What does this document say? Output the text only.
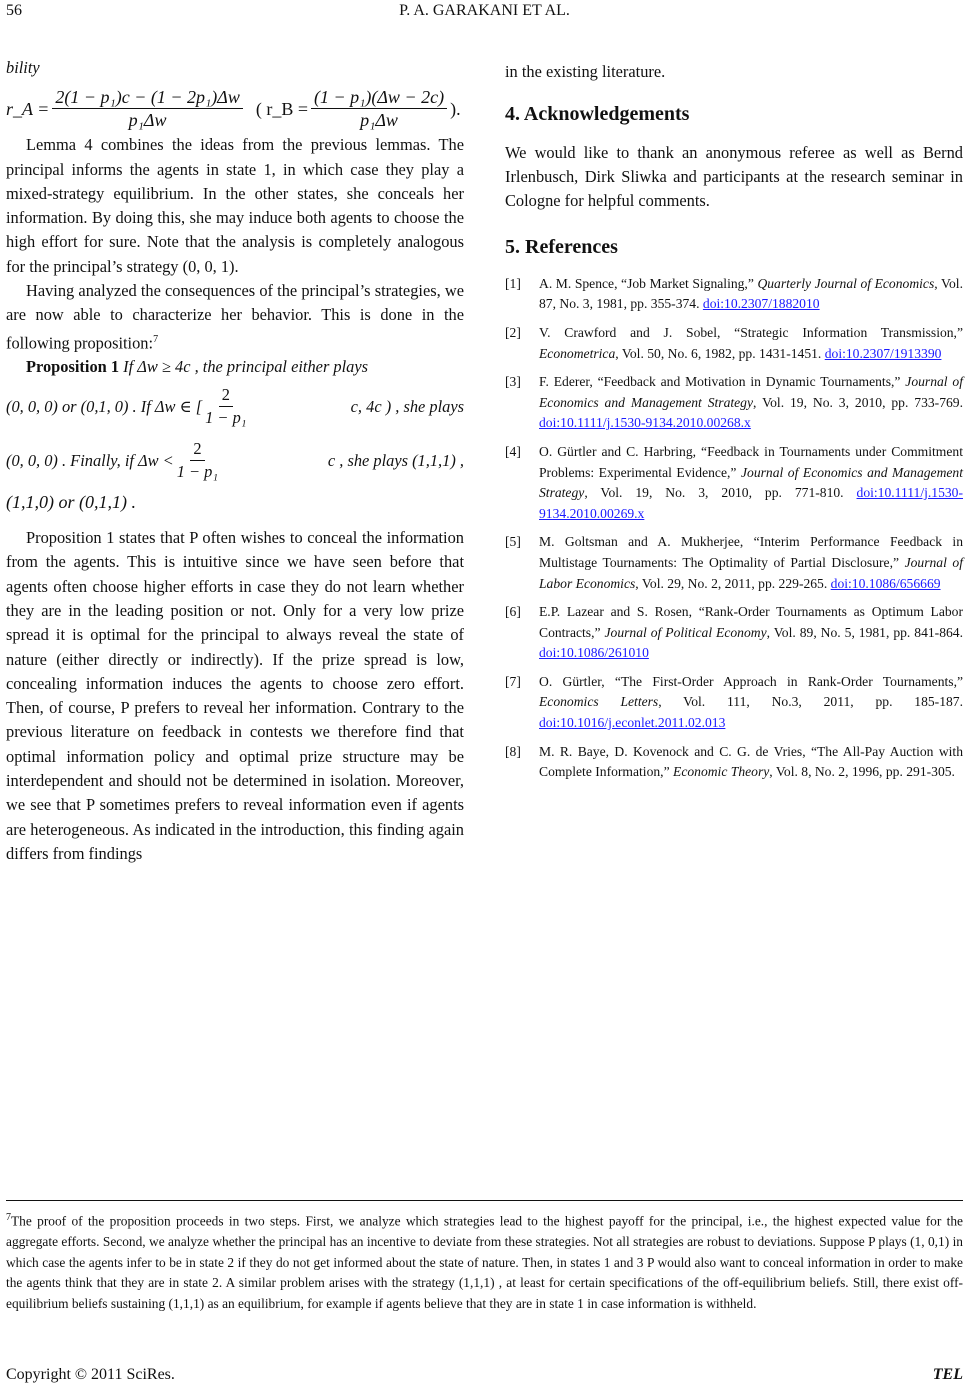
56	P. A. GARAKANI ET AL.

bility

r_A = $\frac{\text{2(1 − p₁)c − (1 − 2p₁)Δw}}{\text{p₁Δw}}$ ( r_B = $\frac{\text{(1 − p₁)(Δw − 2c)}}{\text{p₁Δw}}$ ).

Lemma 4 combines the ideas from the previous lemmas. The principal informs the agents in state 1, in which case they play a mixed-strategy equilibrium. In the other states, she conceals her information. By doing this, she may induce both agents to choose the high effort for sure. Note that the analysis is completely analogous for the principal’s strategy (0, 0, 1).

Having analyzed the consequences of the principal’s strategies, we are now able to characterize her behavior. This is done in the following proposition:$^7$

Proposition 1 If Δw ≥ 4c , the principal either plays

(0, 0, 0) or (0,1, 0) . If Δw ∈ [ $\frac{2}{\text{1 − p₁}}$	c, 4c ) , she plays
(0, 0, 0) . Finally, if $\Delta w < \frac{2}{\text{1 − p₁}}$	c , she plays (1,1,1) ,

(1,1,0) or (0,1,1) .

Proposition 1 states that P often wishes to conceal the information from the agents. This is intuitive since we have seen before that agents often choose higher efforts in case they do not learn whether they are in the leading position or not. Only for a very low prize spread it is optimal for the principal to always reveal the state of nature (either directly or indirectly). If the prize spread is low, concealing information induces the agents to choose zero effort. Then, of course, P prefers to reveal her information. Contrary to the previous literature on feedback in contests we therefore find that optimal information policy and optimal prize structure may be interdependent and should not be determined in isolation. Moreover, we see that P sometimes prefers to reveal information even if agents are heterogeneous. As indicated in the introduction, this finding again differs from findings

in the existing literature.

4. Acknowledgements

We would like to thank an anonymous referee as well as Bernd Irlenbusch, Dirk Sliwka and participants at the research seminar in Cologne for helpful comments.

5. References
[1]	A. M. Spence, “Job Market Signaling,” Quarterly Journal of Economics, Vol. 87, No. 3, 1981, pp. 355-374. doi:10.2307/1882010
[2]	V. Crawford and J. Sobel, “Strategic Information Transmission,” Econometrica, Vol. 50, No. 6, 1982, pp. 1431-1451. doi:10.2307/1913390
[3]	F. Ederer, “Feedback and Motivation in Dynamic Tournaments,” Journal of Economics and Management Strategy, Vol. 19, No. 3, 2010, pp. 733-769. doi:10.1111/j.1530-9134.2010.00268.x
[4]	O. Gürtler and C. Harbring, “Feedback in Tournaments under Commitment Problems: Experimental Evidence,” Journal of Economics and Management Strategy, Vol. 19, No. 3, 2010, pp. 771-810. doi:10.1111/j.1530-9134.2010.00269.x
[5]	M. Goltsman and A. Mukherjee, “Interim Performance Feedback in Multistage Tournaments: The Optimality of Partial Disclosure,” Journal of Labor Economics, Vol. 29, No. 2, 2011, pp. 229-265. doi:10.1086/656669
[6]	E.P. Lazear and S. Rosen, “Rank-Order Tournaments as Optimum Labor Contracts,” Journal of Political Economy, Vol. 89, No. 5, 1981, pp. 841-864. doi:10.1086/261010
[7]	O. Gürtler, “The First-Order Approach in Rank-Order Tournaments,” Economics Letters, Vol. 111, No.3, 2011, pp. 185-187. doi:10.1016/j.econlet.2011.02.013
[8]	M. R. Baye, D. Kovenock and C. G. de Vries, “The All-Pay Auction with Complete Information,” Economic Theory, Vol. 8, No. 2, 1996, pp. 291-305.
$^7$The proof of the proposition proceeds in two steps. First, we analyze which strategies lead to the highest payoff for the principal, i.e., the highest expected value for the aggregate efforts. Second, we analyze whether the principal has an incentive to deviate from these strategies. Not all strategies are robust to deviations. Suppose P plays (1, 0,1) in which case the agents infer to be in state 2 if they do not get informed about the state of nature. Then, in states 1 and 3 P would also want to conceal information in order to make the agents think that they are in state 2. A similar problem arises with the strategy (1,1,1) , at least for certain specifications of the off-equilibrium beliefs. Still, there exist off-equilibrium beliefs sustaining (1,1,1) as an equilibrium, for example if agents believe that they are in state 1 in case information is withheld.
Copyright © 2011 SciRes.	TEL
